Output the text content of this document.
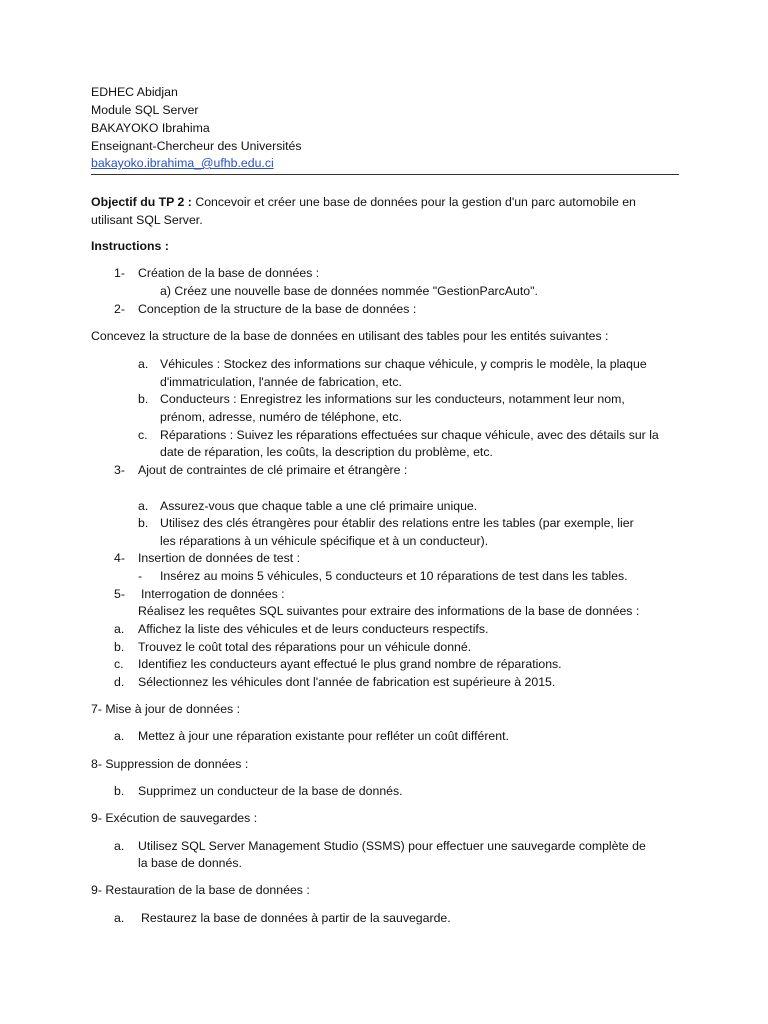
EDHEC Abidjan
Module SQL Server
BAKAYOKO Ibrahima
Enseignant-Chercheur des Universités
bakayoko.ibrahima_@ufhb.edu.ci
Objectif du TP 2 : Concevoir et créer une base de données pour la gestion d'un parc automobile en
utilisant SQL Server.
Instructions :
1- Création de la base de données :
a) Créez une nouvelle base de données nommée "GestionParcAuto".
2- Conception de la structure de la base de données :
Concevez la structure de la base de données en utilisant des tables pour les entités suivantes :
a. Véhicules : Stockez des informations sur chaque véhicule, y compris le modèle, la plaque
d'immatriculation, l'année de fabrication, etc.
b. Conducteurs : Enregistrez les informations sur les conducteurs, notamment leur nom,
prénom, adresse, numéro de téléphone, etc.
c. Réparations : Suivez les réparations effectuées sur chaque véhicule, avec des détails sur la
date de réparation, les coûts, la description du problème, etc.
3- Ajout de contraintes de clé primaire et étrangère :
a. Assurez-vous que chaque table a une clé primaire unique.
b. Utilisez des clés étrangères pour établir des relations entre les tables (par exemple, lier
les réparations à un véhicule spécifique et à un conducteur).
4- Insertion de données de test :
- Insérez au moins 5 véhicules, 5 conducteurs et 10 réparations de test dans les tables.
5- Interrogation de données :
Réalisez les requêtes SQL suivantes pour extraire des informations de la base de données :
a. Affichez la liste des véhicules et de leurs conducteurs respectifs.
b. Trouvez le coût total des réparations pour un véhicule donné.
c. Identifiez les conducteurs ayant effectué le plus grand nombre de réparations.
d. Sélectionnez les véhicules dont l'année de fabrication est supérieure à 2015.
7- Mise à jour de données :
a. Mettez à jour une réparation existante pour refléter un coût différent.
8- Suppression de données :
b. Supprimez un conducteur de la base de donnés.
9- Exécution de sauvegardes :
a. Utilisez SQL Server Management Studio (SSMS) pour effectuer une sauvegarde complète de
la base de donnés.
9- Restauration de la base de données :
a. Restaurez la base de données à partir de la sauvegarde.
